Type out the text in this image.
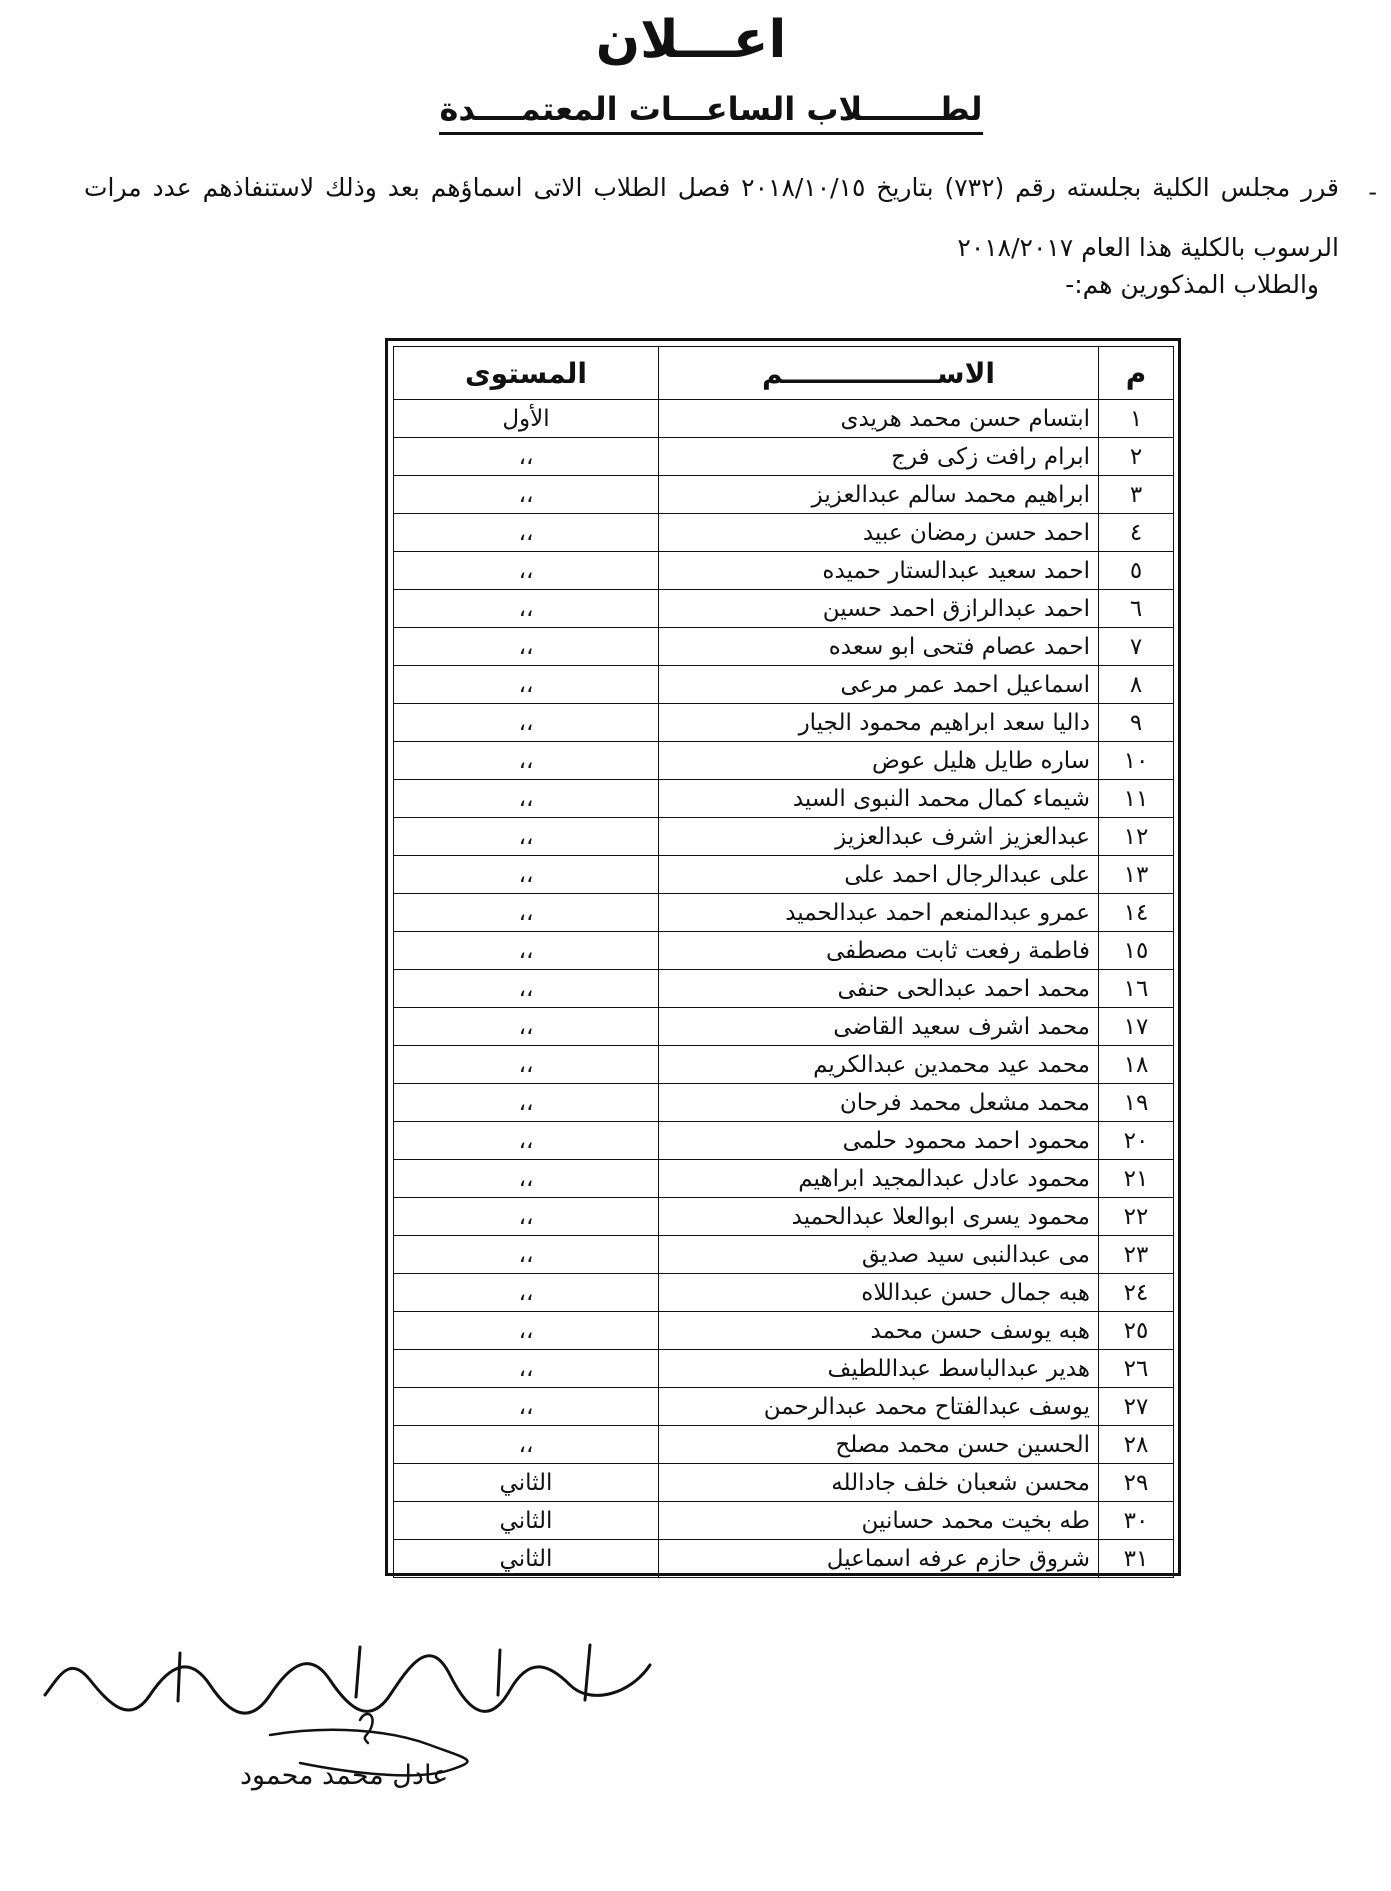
اعـــلان
لطـــــــلاب الساعـــات المعتمــــدة
-

قرر مجلس الكلية بجلسته رقم (٧٣٢) بتاريخ ٢٠١٨/١٠/١٥ فصل الطلاب الاتى اسماؤهم بعد وذلك لاستنفاذهم عدد مرات الرسوب بالكلية هذا العام ٢٠١٨/٢٠١٧

والطلاب المذكورين هم:-

م	الاســــــــــــــــم	المستوى
١	ابتسام حسن محمد هريدى	الأول
٢	ابرام رافت زكى فرج	،،
٣	ابراهيم محمد سالم عبدالعزيز	،،
٤	احمد حسن رمضان عبيد	،،
٥	احمد سعيد عبدالستار حميده	،،
٦	احمد عبدالرازق احمد حسين	،،
٧	احمد عصام فتحى ابو سعده	،،
٨	اسماعيل احمد عمر مرعى	،،
٩	داليا سعد ابراهيم محمود الجيار	،،
١٠	ساره طايل هليل عوض	،،
١١	شيماء كمال محمد النبوى السيد	،،
١٢	عبدالعزيز اشرف عبدالعزيز	،،
١٣	على عبدالرجال احمد على	،،
١٤	عمرو عبدالمنعم احمد عبدالحميد	،،
١٥	فاطمة رفعت ثابت مصطفى	،،
١٦	محمد احمد عبدالحى حنفى	،،
١٧	محمد اشرف سعيد القاضى	،،
١٨	محمد عيد محمدين عبدالكريم	،،
١٩	محمد مشعل محمد فرحان	،،
٢٠	محمود احمد محمود حلمى	،،
٢١	محمود عادل عبدالمجيد ابراهيم	،،
٢٢	محمود يسرى ابوالعلا عبدالحميد	،،
٢٣	مى عبدالنبى سيد صديق	،،
٢٤	هبه جمال حسن عبداللاه	،،
٢٥	هبه يوسف حسن محمد	،،
٢٦	هدير عبدالباسط عبداللطيف	،،
٢٧	يوسف عبدالفتاح محمد عبدالرحمن	،،
٢٨	الحسين حسن محمد مصلح	،،
٢٩	محسن شعبان خلف جادالله	الثاني
٣٠	طه بخيت محمد حسانين	الثاني
٣١	شروق حازم عرفه اسماعيل	الثاني

عادل محمد محمود
